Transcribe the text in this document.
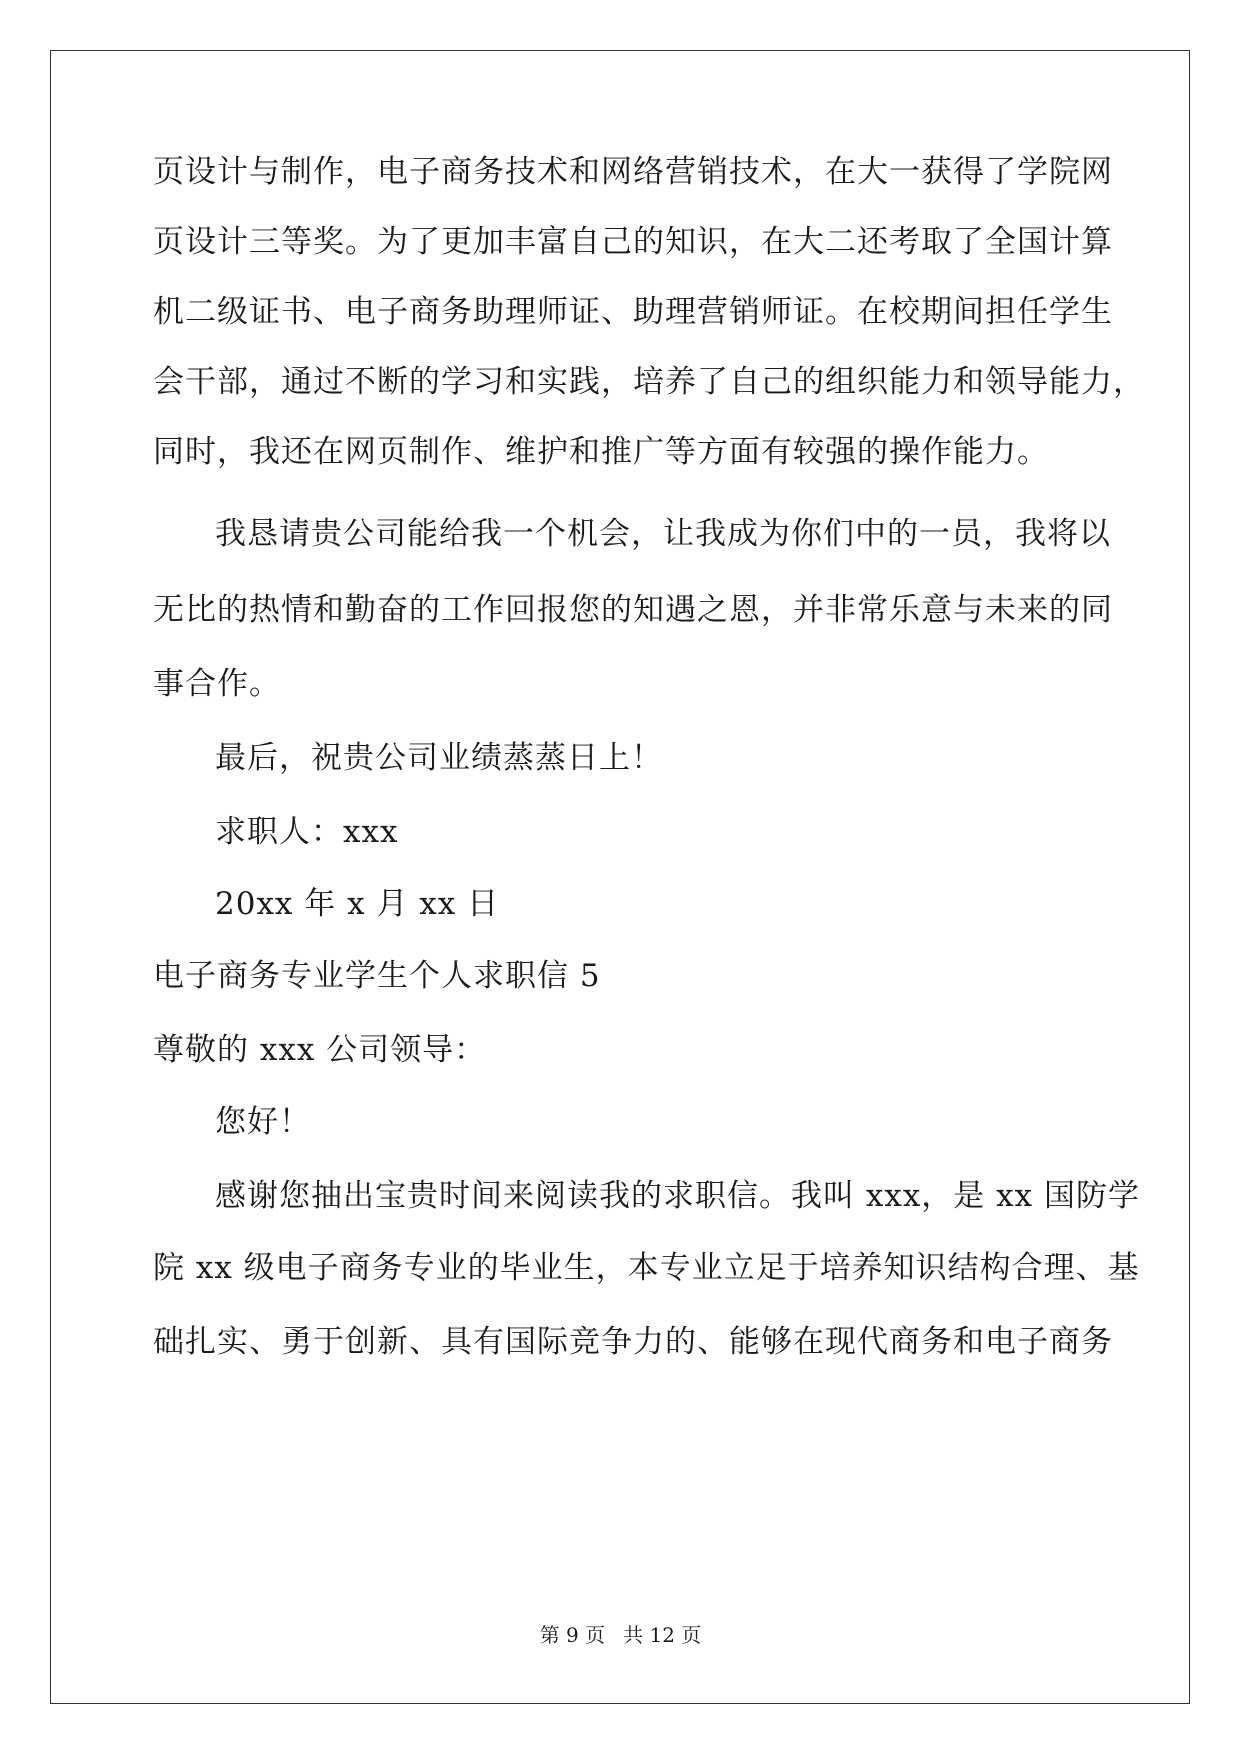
页设计与制作，电子商务技术和网络营销技术，在大一获得了学院网
页设计三等奖。为了更加丰富自己的知识，在大二还考取了全国计算
机二级证书、电子商务助理师证、助理营销师证。在校期间担任学生
会干部，通过不断的学习和实践，培养了自己的组织能力和领导能力，
同时，我还在网页制作、维护和推广等方面有较强的操作能力。
我恳请贵公司能给我一个机会，让我成为你们中的一员，我将以
无比的热情和勤奋的工作回报您的知遇之恩，并非常乐意与未来的同
事合作。
最后，祝贵公司业绩蒸蒸日上！
求职人：xxx
20xx 年 x 月 xx 日
电子商务专业学生个人求职信 5
尊敬的 xxx 公司领导：
您好！
感谢您抽出宝贵时间来阅读我的求职信。我叫 xxx，是 xx 国防学
院 xx 级电子商务专业的毕业生，本专业立足于培养知识结构合理、基
础扎实、勇于创新、具有国际竞争力的、能够在现代商务和电子商务
第 9 页 共 12 页
